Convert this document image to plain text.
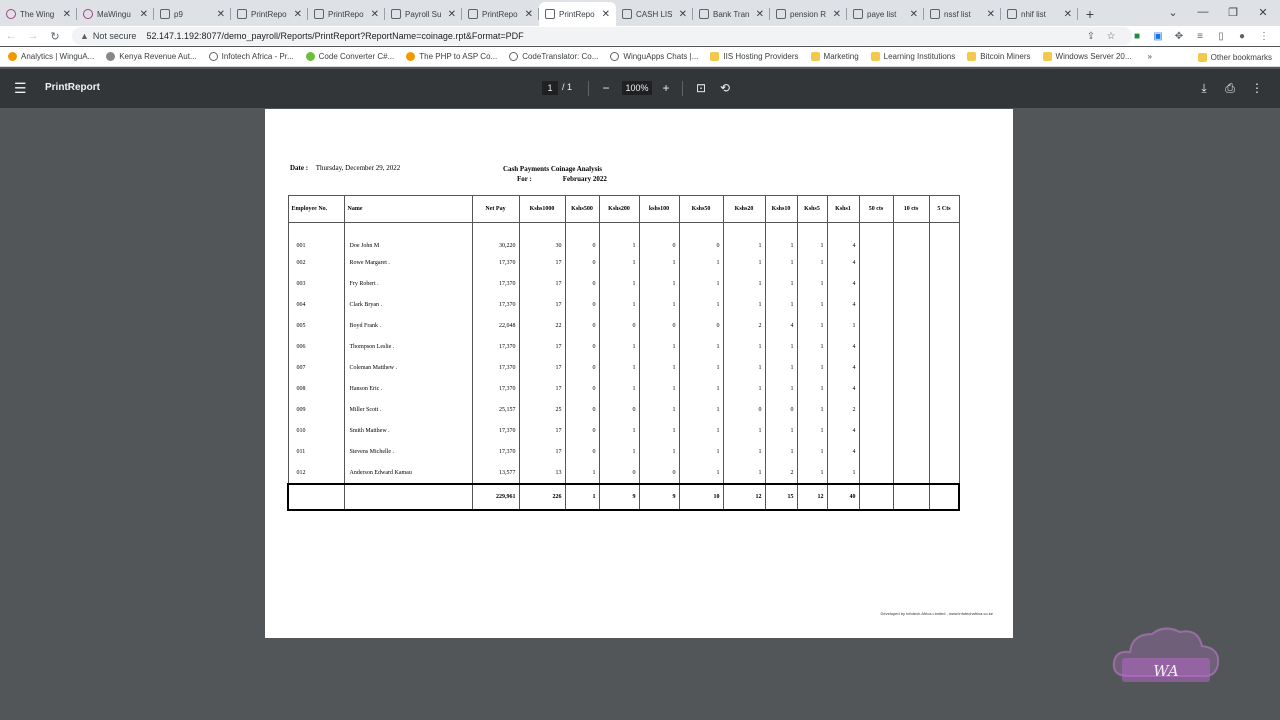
The Wing ✕	MaWingu ✕	p9	✕	PrintRepo ✕	PrintRepo ✕	Payroll Su ✕	PrintRepo ✕	PrintRepo ✕	CASH LIS ✕	Bank Tran ✕	pension R ✕	paye list	✕	nssf list	✕	nhif list	✕ +	⌄	—	❐	✕
←	→	↻	▲ Not secure 52.147.1.192:8077/demo_payroll/Reports/PrintReport?ReportName=coinage.rpt&Format=PDF	⇪	☆	■	▣	✥	≡	▯	●	⋮
Analytics | WinguA...	Kenya Revenue Aut...	Infotech Africa - Pr...	Code Converter C#...	The PHP to ASP Co...	CodeTranslator: Co...	WinguApps Chats |...	IIS Hosting Providers	Marketing	Learning Institutions	Bitcoin Miners	Windows Server 20... »	Other bookmarks
☰ PrintReport	1	/ 1	−	100%	+	⊡ ⟲	⤓	⎙ ⋮
Date : Thursday, December 29, 2022	Cash Payments Coinage Analysis
For :	February 2022
Employee No.	Name	Net Pay	Kshs1000	Kshs500	Kshs200	kshs100	Kshs50	Kshs20	Kshs10	Kshs5	Kshs1	50 cts	10 cts	5 Cts
001	Doe John M	30,220	30	0	1	0	0	1	1	1	4			
002	Rowe Margaret .	17,370	17	0	1	1	1	1	1	1	4			
003	Fry Robert .	17,370	17	0	1	1	1	1	1	1	4			
004	Clark Bryan .	17,370	17	0	1	1	1	1	1	1	4			
005	Boyd Frank .	22,048	22	0	0	0	0	2	4	1	1			
006	Thompson Leslie .	17,370	17	0	1	1	1	1	1	1	4			
007	Coleman Matthew .	17,370	17	0	1	1	1	1	1	1	4			
008	Hanson Eric .	17,370	17	0	1	1	1	1	1	1	4			
009	Miller Scott .	25,157	25	0	0	1	1	0	0	1	2			
010	Smith Matthew .	17,370	17	0	1	1	1	1	1	1	4			
011	Stevens Michelle .	17,370	17	0	1	1	1	1	1	1	4			
012	Anderson Edward Kamau	13,577	13	1	0	0	1	1	2	1	1			
		229,961	226	1	9	9	10	12	15	12	40			
Developed by Infotech Africa Limited - www.infotechafrica.co.ke
WA
